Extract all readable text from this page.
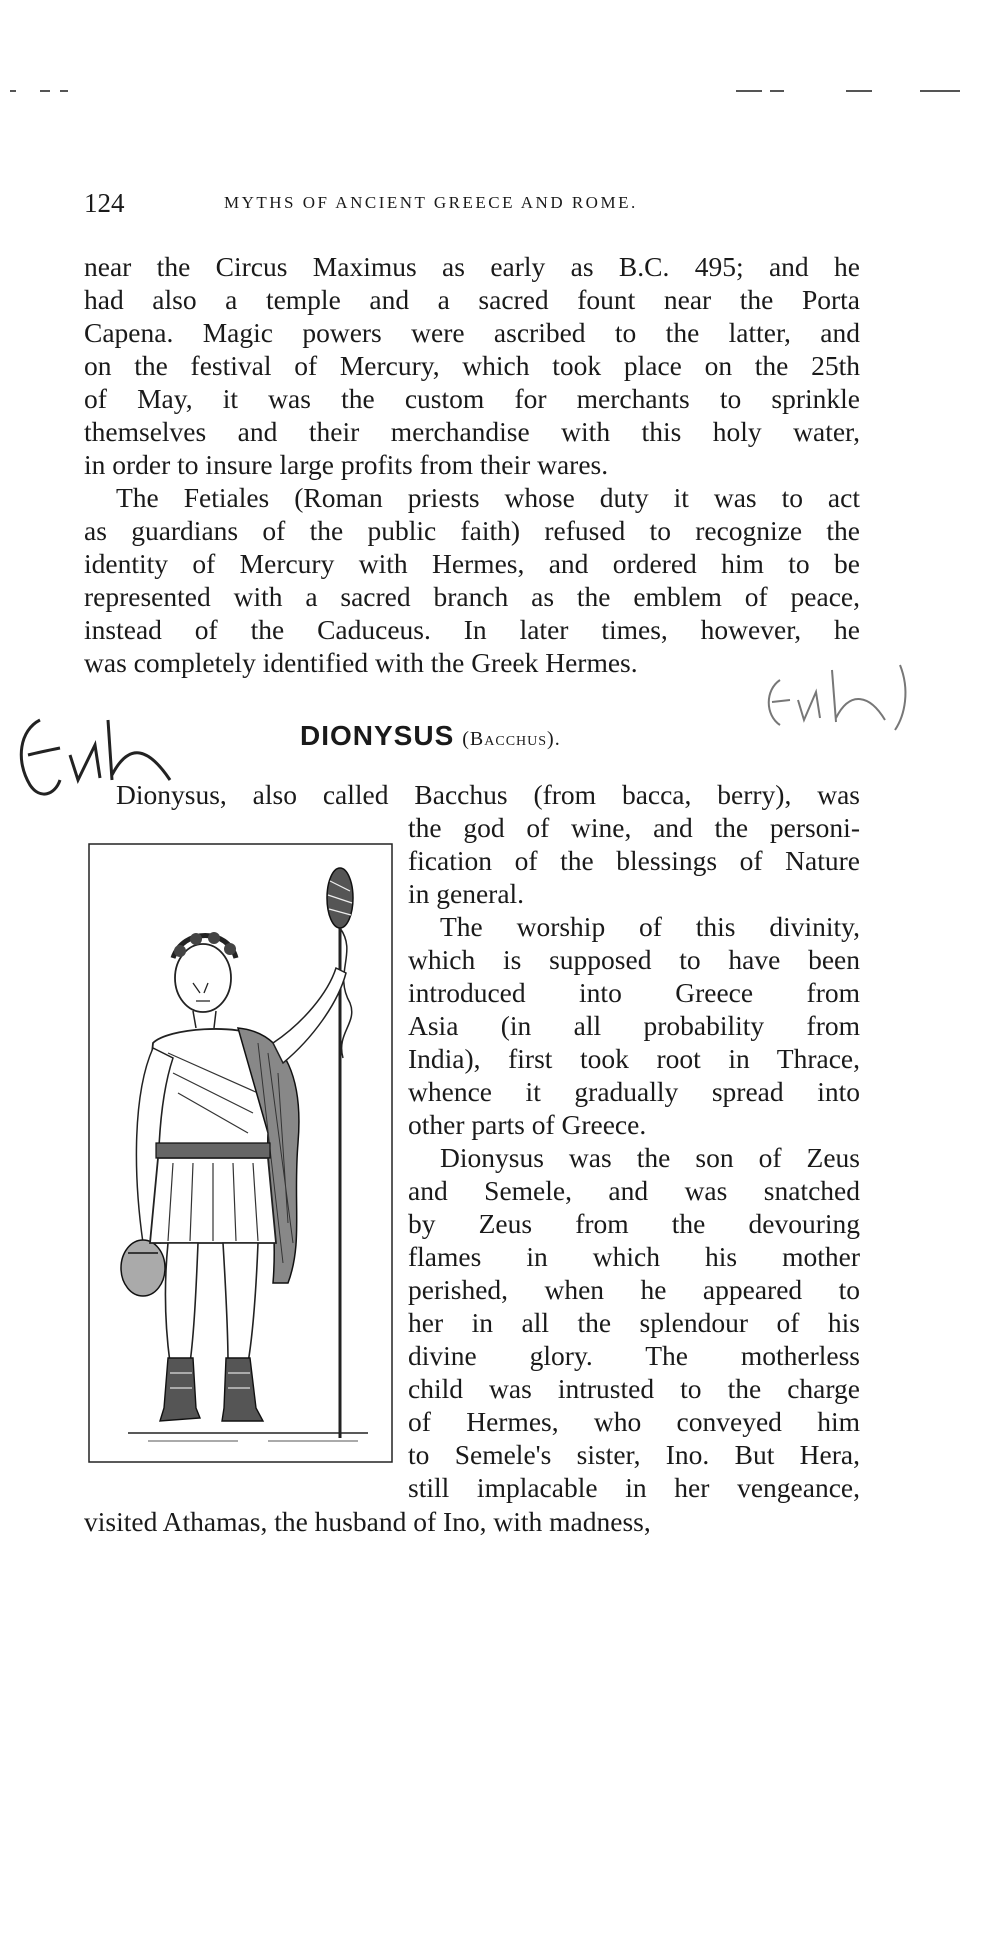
124	MYTHS OF ANCIENT GREECE AND ROME.
near the Circus Maximus as early as B.C. 495; and he
had also a temple and a sacred fount near the Porta
Capena. Magic powers were ascribed to the latter, and
on the festival of Mercury, which took place on the 25th
of May, it was the custom for merchants to sprinkle
themselves and their merchandise with this holy water,
in order to insure large profits from their wares.
The Fetiales (Roman priests whose duty it was to act
as guardians of the public faith) refused to recognize the
identity of Mercury with Hermes, and ordered him to be
represented with a sacred branch as the emblem of peace,
instead of the Caduceus. In later times, however, he
was completely identified with the Greek Hermes.
DIONYSUS (Bacchus).
Dionysus, also called Bacchus (from bacca, berry), was
the god of wine, and the personi-
fication of the blessings of Nature
in general.
The worship of this divinity,
which is supposed to have been
introduced into Greece from
Asia (in all probability from
India), first took root in Thrace,
whence it gradually spread into
other parts of Greece.
Dionysus was the son of Zeus
and Semele, and was snatched
by Zeus from the devouring
flames in which his mother
perished, when he appeared to
her in all the splendour of his
divine glory. The motherless
child was intrusted to the charge
of Hermes, who conveyed him
to Semele's sister, Ino. But Hera,
still implacable in her vengeance,
visited Athamas, the husband of Ino, with madness,
